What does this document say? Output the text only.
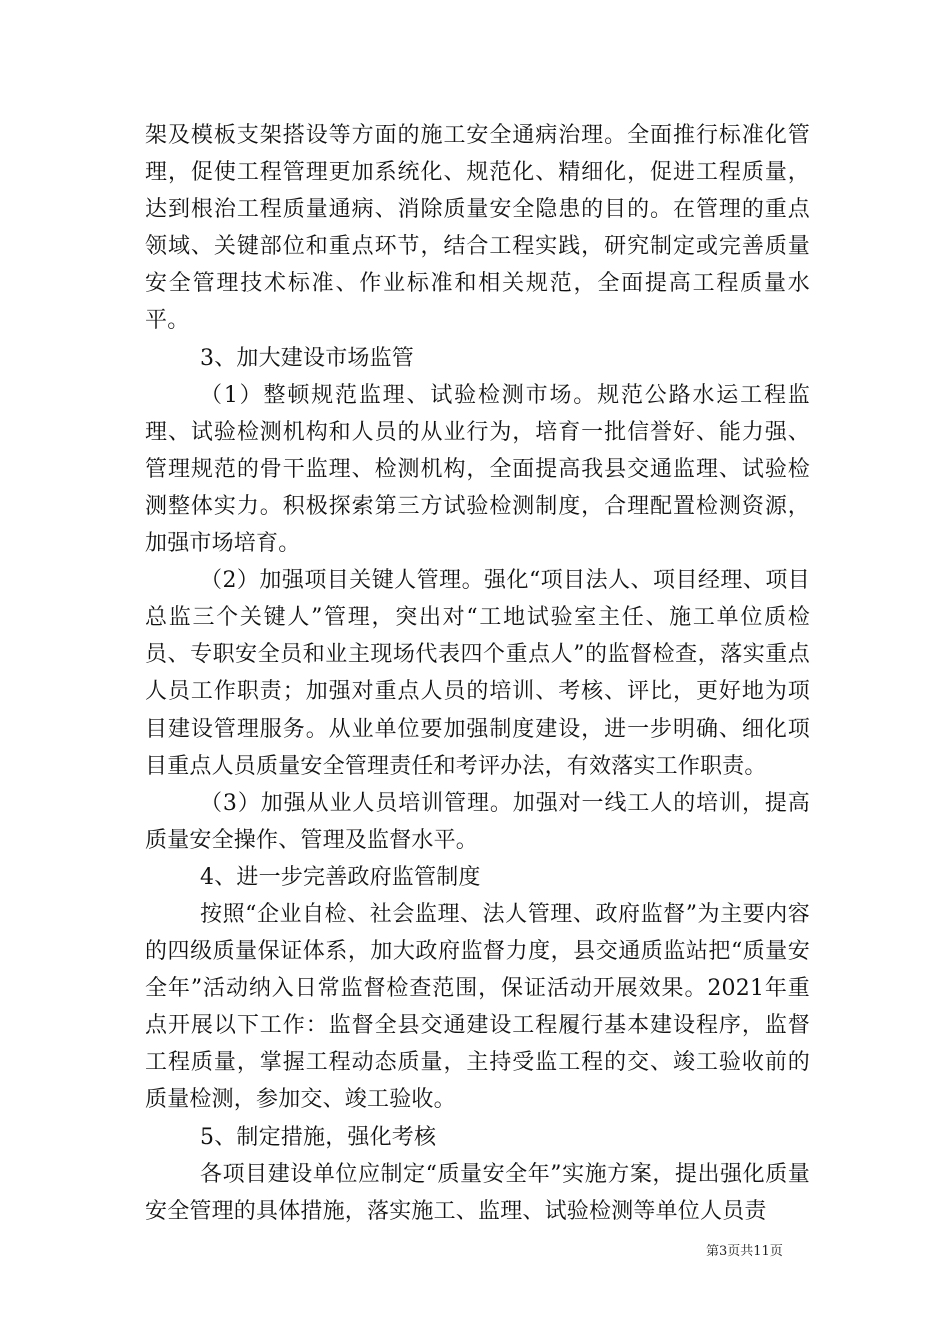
架及模板支架搭设等方面的施工安全通病治理。全面推行标准化管理，促使工程管理更加系统化、规范化、精细化，促进工程质量，达到根治工程质量通病、消除质量安全隐患的目的。在管理的重点领域、关键部位和重点环节，结合工程实践，研究制定或完善质量安全管理技术标准、作业标准和相关规范，全面提高工程质量水平。

3、加大建设市场监管

（1）整顿规范监理、试验检测市场。规范公路水运工程监理、试验检测机构和人员的从业行为，培育一批信誉好、能力强、管理规范的骨干监理、检测机构，全面提高我县交通监理、试验检测整体实力。积极探索第三方试验检测制度，合理配置检测资源，加强市场培育。

（2）加强项目关键人管理。强化“项目法人、项目经理、项目总监三个关键人”管理，突出对“工地试验室主任、施工单位质检员、专职安全员和业主现场代表四个重点人”的监督检查，落实重点人员工作职责；加强对重点人员的培训、考核、评比，更好地为项目建设管理服务。从业单位要加强制度建设，进一步明确、细化项目重点人员质量安全管理责任和考评办法，有效落实工作职责。

（3）加强从业人员培训管理。加强对一线工人的培训，提高质量安全操作、管理及监督水平。

4、进一步完善政府监管制度

按照“企业自检、社会监理、法人管理、政府监督”为主要内容的四级质量保证体系，加大政府监督力度，县交通质监站把“质量安全年”活动纳入日常监督检查范围，保证活动开展效果。2021年重点开展以下工作：监督全县交通建设工程履行基本建设程序，监督工程质量，掌握工程动态质量，主持受监工程的交、竣工验收前的质量检测，参加交、竣工验收。

5、制定措施，强化考核

各项目建设单位应制定“质量安全年”实施方案，提出强化质量安全管理的具体措施，落实施工、监理、试验检测等单位人员责

第3页共11页
